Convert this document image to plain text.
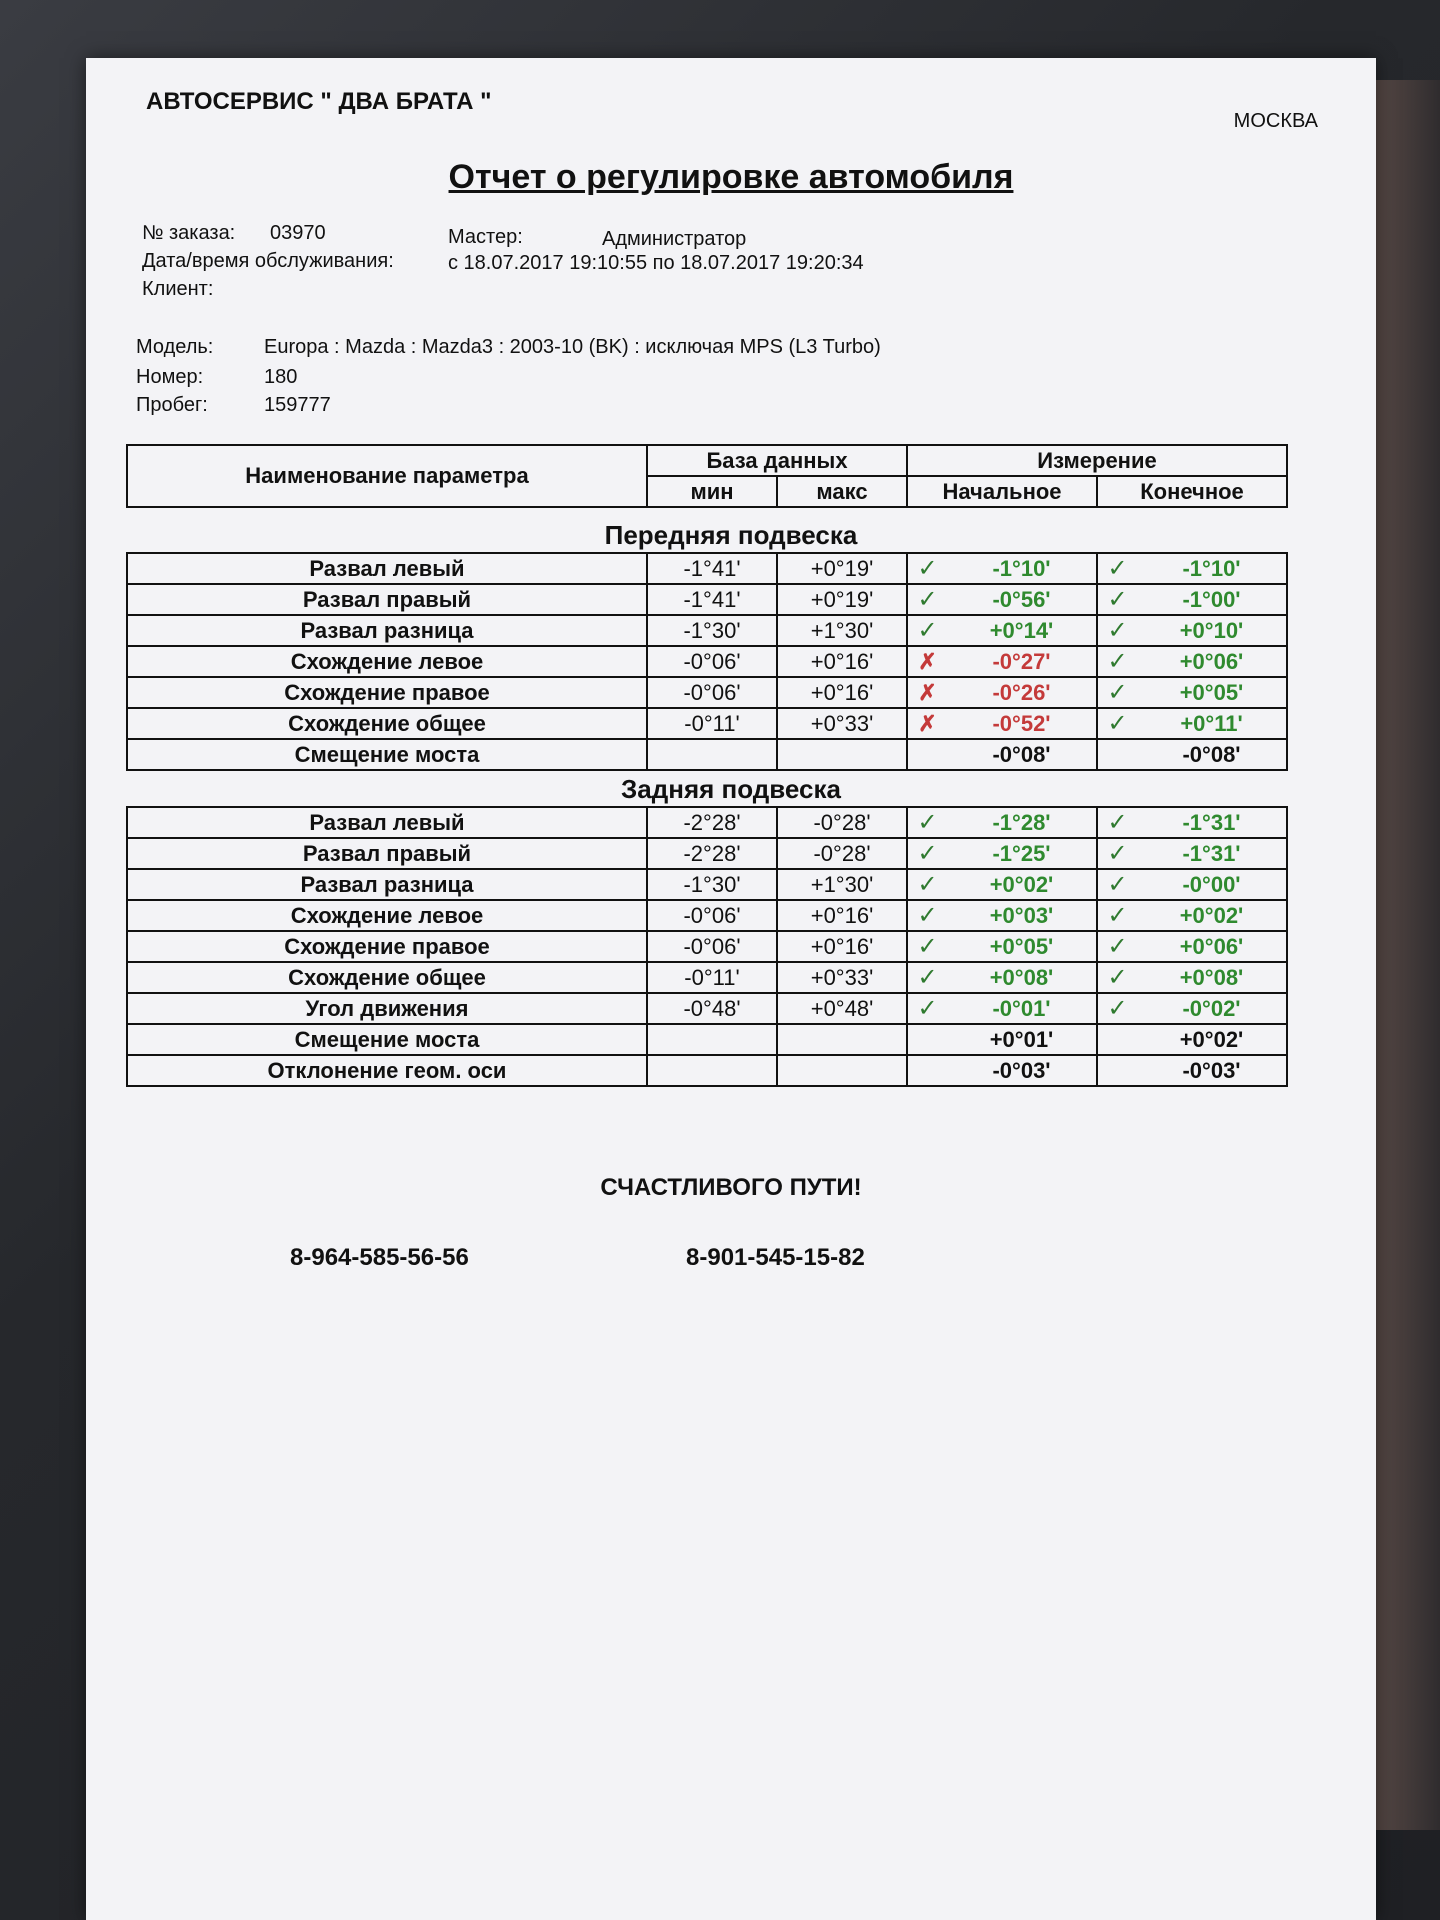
АВТОСЕРВИС " ДВА БРАТА "
МОСКВА
Отчет о регулировке автомобиля
№ заказа: 03970	Мастер:	Администратор
Дата/время обслуживания:	с 18.07.2017 19:10:55 по 18.07.2017 19:20:34
Клиент:
Модель:	Europa : Mazda : Mazda3 : 2003-10 (BK) : исключая MPS (L3 Turbo)
Номер:	180
Пробег:	159777
Наименование параметра	База данных		Измерение	
	мин	макс	Начальное	Конечное
Передняя подвеска
Развал левый	-1°41'	+0°19'	✓	-1°10'	✓	-1°10'
Развал правый	-1°41'	+0°19'	✓	-0°56'	✓	-1°00'
Развал разница	-1°30'	+1°30'	✓	+0°14'	✓	+0°10'
Схождение левое	-0°06'	+0°16'	✗	-0°27'	✓	+0°06'
Схождение правое	-0°06'	+0°16'	✗	-0°26'	✓	+0°05'
Схождение общее	-0°11'	+0°33'	✗	-0°52'	✓	+0°11'
Смещение моста				-0°08'		-0°08'
Задняя подвеска
Развал левый	-2°28'	-0°28'	✓	-1°28'	✓	-1°31'
Развал правый	-2°28'	-0°28'	✓	-1°25'	✓	-1°31'
Развал разница	-1°30'	+1°30'	✓	+0°02'	✓	-0°00'
Схождение левое	-0°06'	+0°16'	✓	+0°03'	✓	+0°02'
Схождение правое	-0°06'	+0°16'	✓	+0°05'	✓	+0°06'
Схождение общее	-0°11'	+0°33'	✓	+0°08'	✓	+0°08'
Угол движения	-0°48'	+0°48'	✓	-0°01'	✓	-0°02'
Смещение моста				+0°01'		+0°02'
Отклонение геом. оси				-0°03'		-0°03'
СЧАСТЛИВОГО ПУТИ!
8-964-585-56-56	8-901-545-15-82
